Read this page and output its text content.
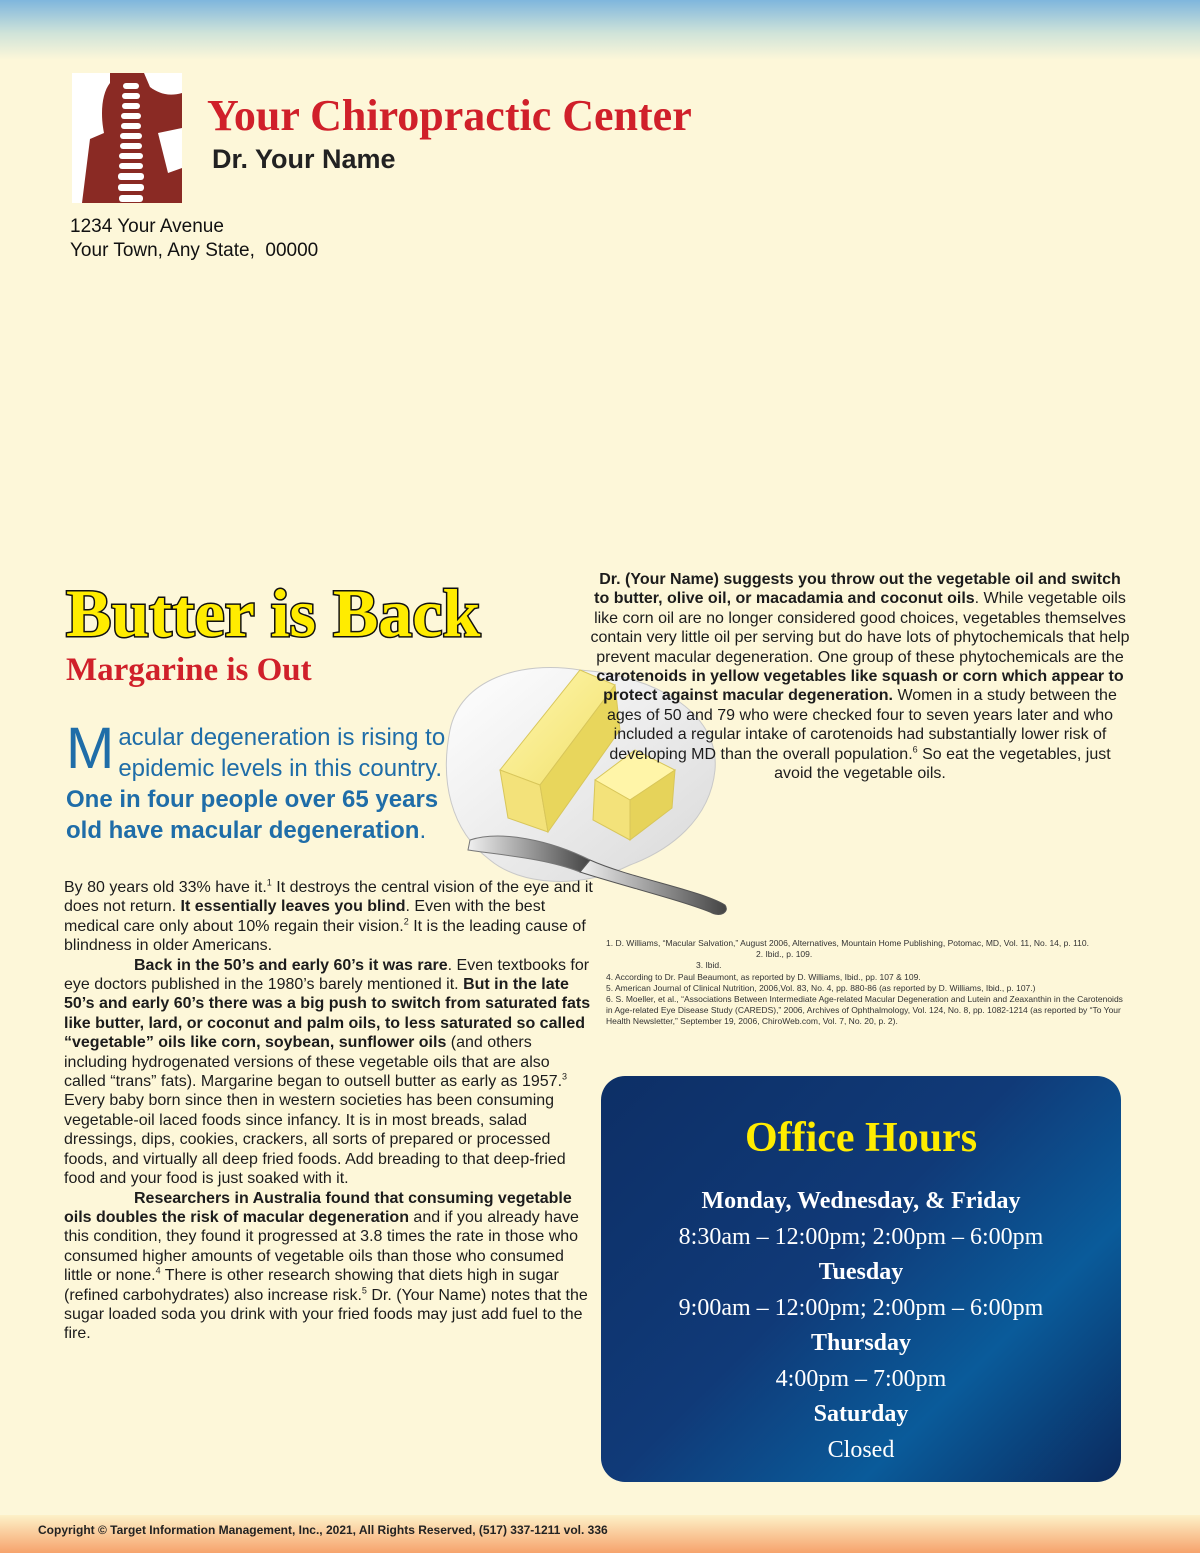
Your Chiropractic Center
Dr. Your Name
1234 Your Avenue
Your Town, Any State,  00000
Butter is Back
Margarine is Out

Macular degeneration is rising to epidemic levels in this country. One in four people over 65 years old have macular degeneration.

By 80 years old 33% have it.$^1$ It destroys the central vision of the eye and it does not return. It essentially leaves you blind. Even with the best medical care only about 10% regain their vision.$^2$ It is the leading cause of blindness in older Americans.

Back in the 50’s and early 60’s it was rare. Even textbooks for eye doctors published in the 1980’s barely mentioned it. But in the late 50’s and early 60’s there was a big push to switch from saturated fats like butter, lard, or coconut and palm oils, to less saturated so called “vegetable” oils like corn, soybean, sunflower oils (and others including hydrogenated versions of these vegetable oils that are also called “trans” fats). Margarine began to outsell butter as early as 1957.$^3$ Every baby born since then in western societies has been consuming vegetable-oil laced foods since infancy. It is in most breads, salad dressings, dips, cookies, crackers, all sorts of prepared or processed foods, and virtually all deep fried foods. Add breading to that deep-fried food and your food is just soaked with it.

Researchers in Australia found that consuming vegetable oils doubles the risk of macular degeneration and if you already have this condition, they found it progressed at 3.8 times the rate in those who consumed higher amounts of vegetable oils than those who consumed little or none.$^4$ There is other research showing that diets high in sugar (refined carbohydrates) also increase risk.$^5$ Dr. (Your Name) notes that the sugar loaded soda you drink with your fried foods may just add fuel to the fire.

Dr. (Your Name) suggests you throw out the vegetable oil and switch to butter, olive oil, or macadamia and coconut oils. While vegetable oils like corn oil are no longer considered good choices, vegetables themselves contain very little oil per serving but do have lots of phytochemicals that help prevent macular degeneration. One group of these phytochemicals are the carotenoids in yellow vegetables like squash or corn which appear to protect against macular degeneration. Women in a study between the ages of 50 and 79 who were checked four to seven years later and who included a regular intake of carotenoids had substantially lower risk of developing MD than the overall population.$^6$ So eat the vegetables, just avoid the vegetable oils.

1. D. Williams, “Macular Salvation,” August 2006, Alternatives, Mountain Home Publishing, Potomac, MD, Vol. 11, No. 14, p. 110.
2. Ibid., p. 109.
3. Ibid.
4. According to Dr. Paul Beaumont, as reported by D. Williams, Ibid., pp. 107 & 109.
5. American Journal of Clinical Nutrition, 2006,Vol. 83, No. 4, pp. 880-86 (as reported by D. Williams, Ibid., p. 107.)
6. S. Moeller, et al., “Associations Between Intermediate Age-related Macular Degeneration and Lutein and Zeaxanthin in the Carotenoids in Age-related Eye Disease Study (CAREDS),” 2006, Archives of Ophthalmology, Vol. 124, No. 8, pp. 1082-1214 (as reported by “To Your Health Newsletter,” September 19, 2006, ChiroWeb.com, Vol. 7, No. 20, p. 2).
Office Hours
Monday, Wednesday, & Friday
8:30am – 12:00pm; 2:00pm – 6:00pm
Tuesday
9:00am – 12:00pm; 2:00pm – 6:00pm
Thursday
4:00pm – 7:00pm
Saturday
Closed
Copyright © Target Information Management, Inc., 2021, All Rights Reserved, (517) 337-1211 vol. 336
